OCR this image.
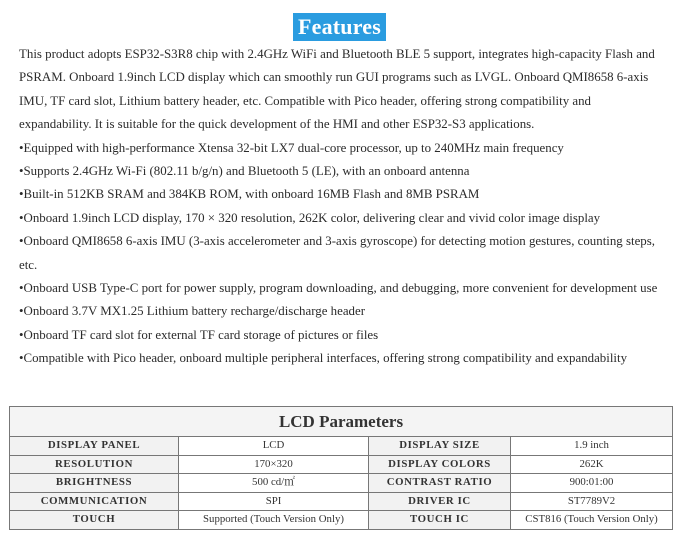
Features

This product adopts ESP32-S3R8 chip with 2.4GHz WiFi and Bluetooth BLE 5 support, integrates high-capacity Flash and PSRAM. Onboard 1.9inch LCD display which can smoothly run GUI programs such as LVGL. Onboard QMI8658 6-axis IMU, TF card slot, Lithium battery header, etc. Compatible with Pico header, offering strong compatibility and expandability. It is suitable for the quick development of the HMI and other ESP32-S3 applications.

•Equipped with high-performance Xtensa 32-bit LX7 dual-core processor, up to 240MHz main frequency

•Supports 2.4GHz Wi-Fi (802.11 b/g/n) and Bluetooth 5 (LE), with an onboard antenna

•Built-in 512KB SRAM and 384KB ROM, with onboard 16MB Flash and 8MB PSRAM

•Onboard 1.9inch LCD display, 170 × 320 resolution, 262K color, delivering clear and vivid color image display

•Onboard QMI8658 6-axis IMU (3-axis accelerometer and 3-axis gyroscope) for detecting motion gestures, counting steps, etc.

•Onboard USB Type-C port for power supply, program downloading, and debugging, more convenient for development use

•Onboard 3.7V MX1.25 Lithium battery recharge/discharge header

•Onboard TF card slot for external TF card storage of pictures or files

•Compatible with Pico header, onboard multiple peripheral interfaces, offering strong compatibility and expandability

LCD Parameters			
DISPLAY PANEL	LCD	DISPLAY SIZE	1.9 inch
RESOLUTION	170×320	DISPLAY COLORS	262K
BRIGHTNESS	500 cd/㎡	CONTRAST RATIO	900:01:00
COMMUNICATION	SPI	DRIVER IC	ST7789V2
TOUCH	Supported (Touch Version Only)	TOUCH IC	CST816 (Touch Version Only)
